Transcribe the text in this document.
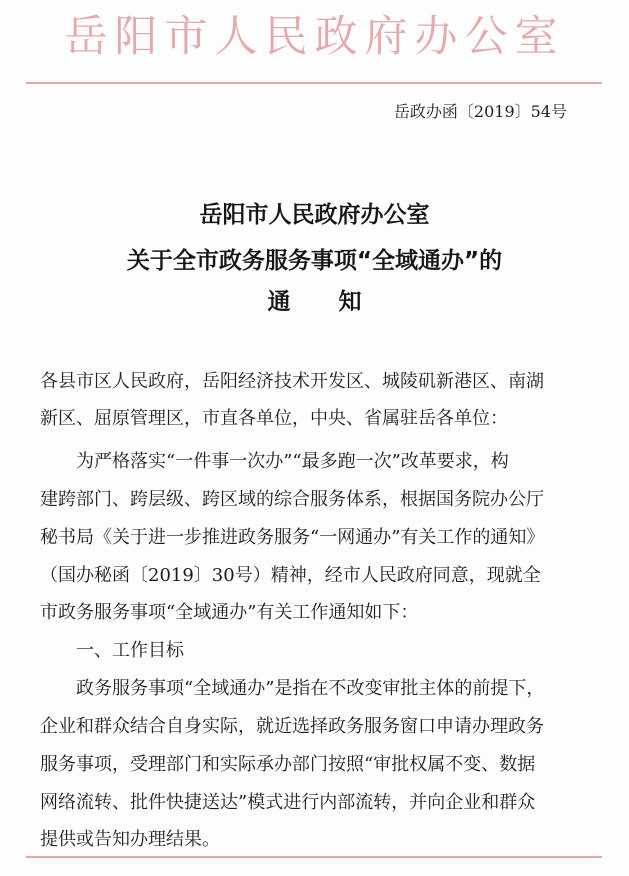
岳阳市人民政府办公室
岳政办函〔2019〕54号
岳阳市人民政府办公室
关于全市政务服务事项“全域通办”的
通知
各县市区人民政府，岳阳经济技术开发区、城陵矶新港区、南湖
新区、屈原管理区，市直各单位，中央、省属驻岳各单位：
为严格落实“一件事一次办”“最多跑一次”改革要求，构
建跨部门、跨层级、跨区域的综合服务体系，根据国务院办公厅
秘书局《关于进一步推进政务服务“一网通办”有关工作的通知》
（国办秘函〔2019〕30号）精神，经市人民政府同意，现就全
市政务服务事项“全域通办”有关工作通知如下：
一、工作目标
政务服务事项“全域通办”是指在不改变审批主体的前提下，
企业和群众结合自身实际，就近选择政务服务窗口申请办理政务
服务事项，受理部门和实际承办部门按照“审批权属不变、数据
网络流转、批件快捷送达”模式进行内部流转，并向企业和群众
提供或告知办理结果。
